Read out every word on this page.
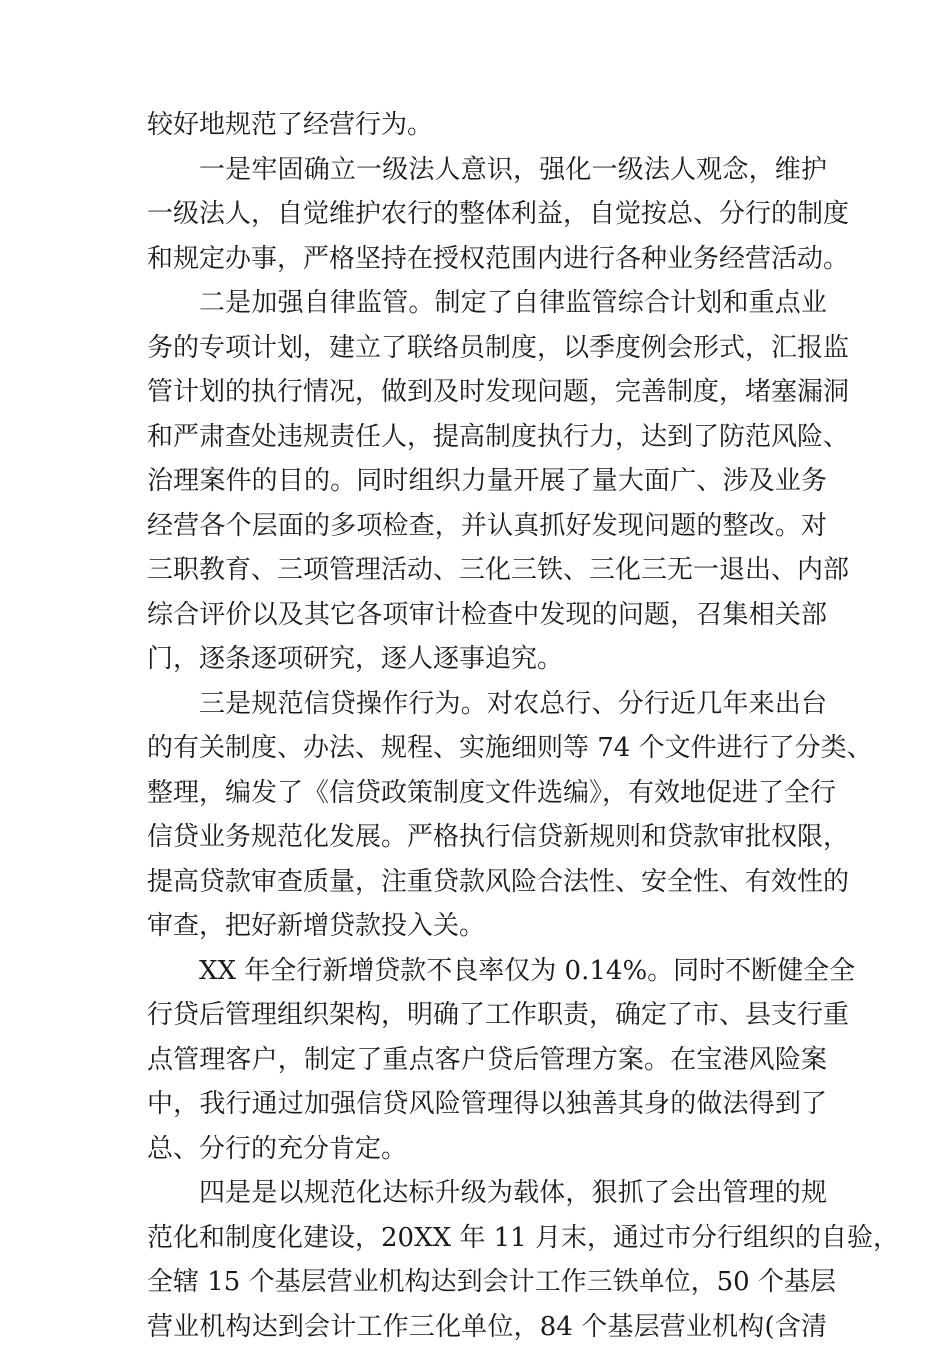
较好地规范了经营行为。
一是牢固确立一级法人意识，强化一级法人观念，维护
一级法人，自觉维护农行的整体利益，自觉按总、分行的制度
和规定办事，严格坚持在授权范围内进行各种业务经营活动。
二是加强自律监管。制定了自律监管综合计划和重点业
务的专项计划，建立了联络员制度，以季度例会形式，汇报监
管计划的执行情况，做到及时发现问题，完善制度，堵塞漏洞
和严肃查处违规责任人，提高制度执行力，达到了防范风险、
治理案件的目的。同时组织力量开展了量大面广、涉及业务
经营各个层面的多项检查，并认真抓好发现问题的整改。对
三职教育、三项管理活动、三化三铁、三化三无一退出、内部
综合评价以及其它各项审计检查中发现的问题，召集相关部
门，逐条逐项研究，逐人逐事追究。
三是规范信贷操作行为。对农总行、分行近几年来出台
的有关制度、办法、规程、实施细则等 74 个文件进行了分类、
整理，编发了《信贷政策制度文件选编》，有效地促进了全行
信贷业务规范化发展。严格执行信贷新规则和贷款审批权限，
提高贷款审查质量，注重贷款风险合法性、安全性、有效性的
审查，把好新增贷款投入关。
XX 年全行新增贷款不良率仅为 0.14%。同时不断健全全
行贷后管理组织架构，明确了工作职责，确定了市、县支行重
点管理客户，制定了重点客户贷后管理方案。在宝港风险案
中，我行通过加强信贷风险管理得以独善其身的做法得到了
总、分行的充分肯定。
四是是以规范化达标升级为载体，狠抓了会出管理的规
范化和制度化建设，20XX 年 11 月末，通过市分行组织的自验，
全辖 15 个基层营业机构达到会计工作三铁单位，50 个基层
营业机构达到会计工作三化单位，84 个基层营业机构(含清
